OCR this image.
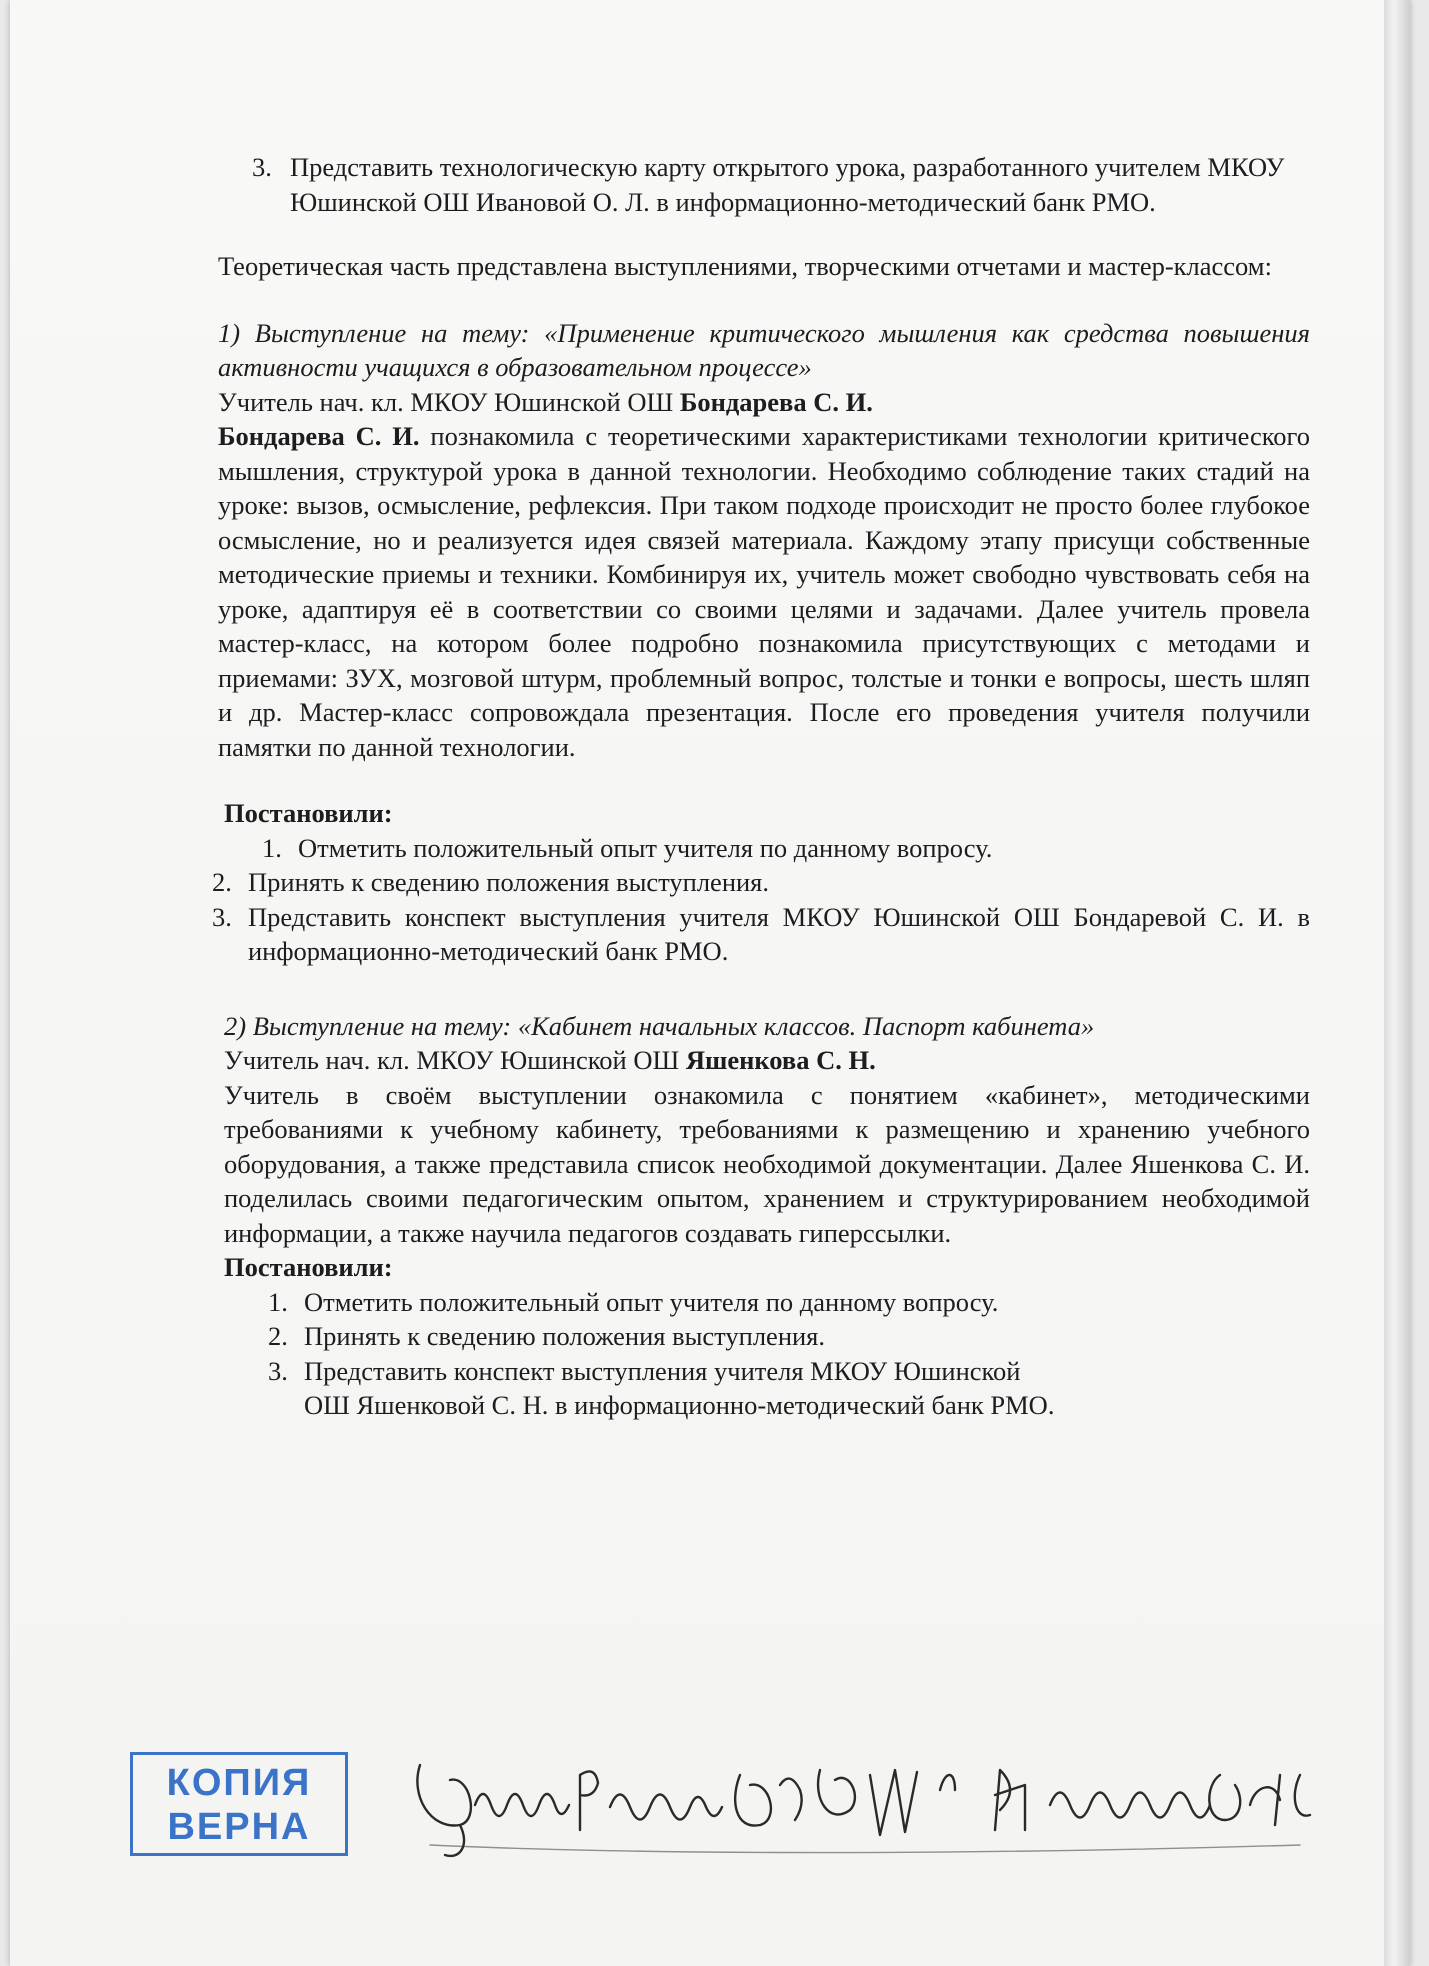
3. Представить технологическую карту открытого урока, разработанного учителем МКОУ Юшинской ОШ Ивановой О. Л. в информационно-методический банк РМО.

Теоретическая часть представлена выступлениями, творческими отчетами и мастер-классом:

1) Выступление на тему: «Применение критического мышления как средства повышения активности учащихся в образовательном процессе»

Учитель нач. кл. МКОУ Юшинской ОШ Бондарева С. И.

Бондарева С. И. познакомила с теоретическими характеристиками технологии критического мышления, структурой урока в данной технологии. Необходимо соблюдение таких стадий на уроке: вызов, осмысление, рефлексия. При таком подходе происходит не просто более глубокое осмысление, но и реализуется идея связей материала. Каждому этапу присущи собственные методические приемы и техники. Комбинируя их, учитель может свободно чувствовать себя на уроке, адаптируя её в соответствии со своими целями и задачами. Далее учитель провела мастер-класс, на котором более подробно познакомила присутствующих с методами и приемами: ЗУХ, мозговой штурм, проблемный вопрос, толстые и тонки е вопросы, шесть шляп и др. Мастер-класс сопровождала презентация. После его проведения учителя получили памятки по данной технологии.

Постановили:

1. Отметить положительный опыт учителя по данному вопросу.
2. Принять к сведению положения выступления.
3. Представить конспект выступления учителя МКОУ Юшинской ОШ Бондаревой С. И. в информационно-методический банк РМО.

2) Выступление на тему: «Кабинет начальных классов. Паспорт кабинета»

Учитель нач. кл. МКОУ Юшинской ОШ Яшенкова С. Н.

Учитель в своём выступлении ознакомила с понятием «кабинет», методическими требованиями к учебному кабинету, требованиями к размещению и хранению учебного оборудования, а также представила список необходимой документации. Далее Яшенкова С. И. поделилась своими педагогическим опытом, хранением и структурированием необходимой информации, а также научила педагогов создавать гиперссылки.

Постановили:

1. Отметить положительный опыт учителя по данному вопросу.
2. Принять к сведению положения выступления.
3. Представить конспект выступления учителя МКОУ Юшинской ОШ Яшенковой С. Н. в информационно-методический банк РМО.
КОПИЯ
ВЕРНА
